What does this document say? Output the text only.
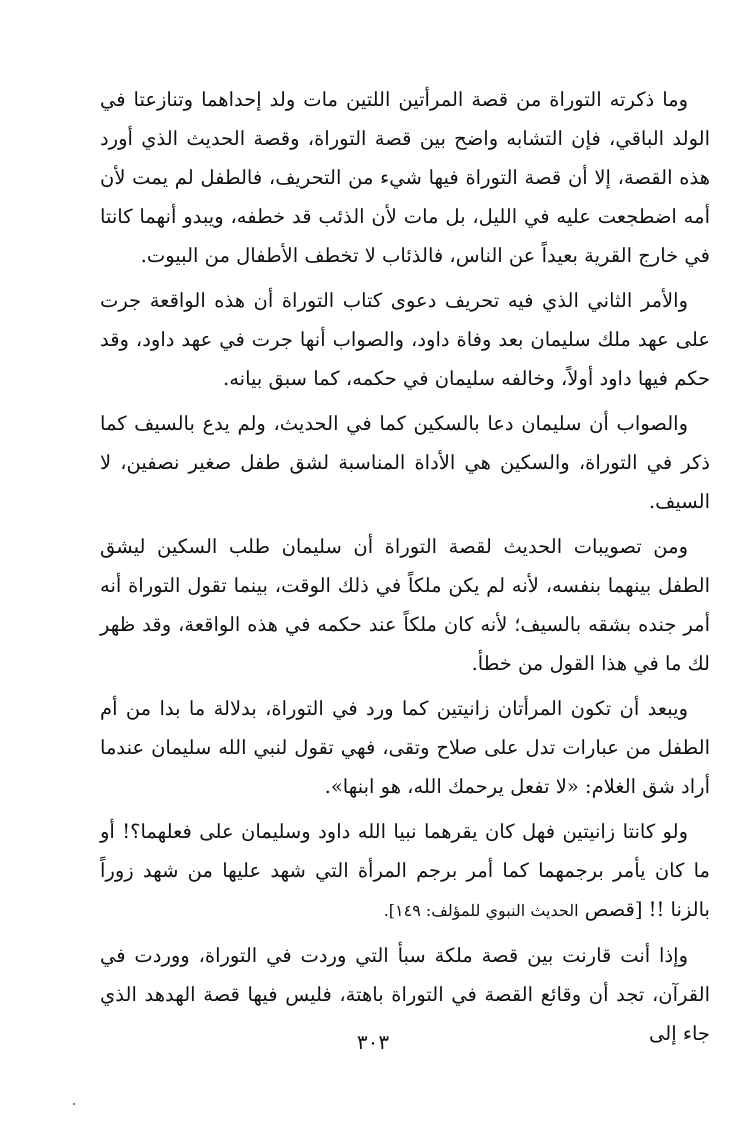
وما ذكرته التوراة من قصة المرأتين اللتين مات ولد إحداهما وتنازعتا في الولد الباقي، فإن التشابه واضح بين قصة التوراة، وقصة الحديث الذي أورد هذه القصة، إلا أن قصة التوراة فيها شيء من التحريف، فالطفل لم يمت لأن أمه اضطجعت عليه في الليل، بل مات لأن الذئب قد خطفه، ويبدو أنهما كانتا في خارج القرية بعيداً عن الناس، فالذئاب لا تخطف الأطفال من البيوت.

والأمر الثاني الذي فيه تحريف دعوى كتاب التوراة أن هذه الواقعة جرت على عهد ملك سليمان بعد وفاة داود، والصواب أنها جرت في عهد داود، وقد حكم فيها داود أولاً، وخالفه سليمان في حكمه، كما سبق بيانه.

والصواب أن سليمان دعا بالسكين كما في الحديث، ولم يدع بالسيف كما ذكر في التوراة، والسكين هي الأداة المناسبة لشق طفل صغير نصفين، لا السيف.

ومن تصويبات الحديث لقصة التوراة أن سليمان طلب السكين ليشق الطفل بينهما بنفسه، لأنه لم يكن ملكاً في ذلك الوقت، بينما تقول التوراة أنه أمر جنده بشقه بالسيف؛ لأنه كان ملكاً عند حكمه في هذه الواقعة، وقد ظهر لك ما في هذا القول من خطأ.

ويبعد أن تكون المرأتان زانيتين كما ورد في التوراة، بدلالة ما بدا من أم الطفل من عبارات تدل على صلاح وتقى، فهي تقول لنبي الله سليمان عندما أراد شق الغلام: «لا تفعل يرحمك الله، هو ابنها».

ولو كانتا زانيتين فهل كان يقرهما نبيا الله داود وسليمان على فعلهما؟! أو ما كان يأمر برجمهما كما أمر برجم المرأة التي شهد عليها من شهد زوراً بالزنا !! [قصص الحديث النبوي للمؤلف: ١٤٩].

وإذا أنت قارنت بين قصة ملكة سبأ التي وردت في التوراة، ووردت في القرآن، تجد أن وقائع القصة في التوراة باهتة، فليس فيها قصة الهدهد الذي جاء إلى

٣٠٣
